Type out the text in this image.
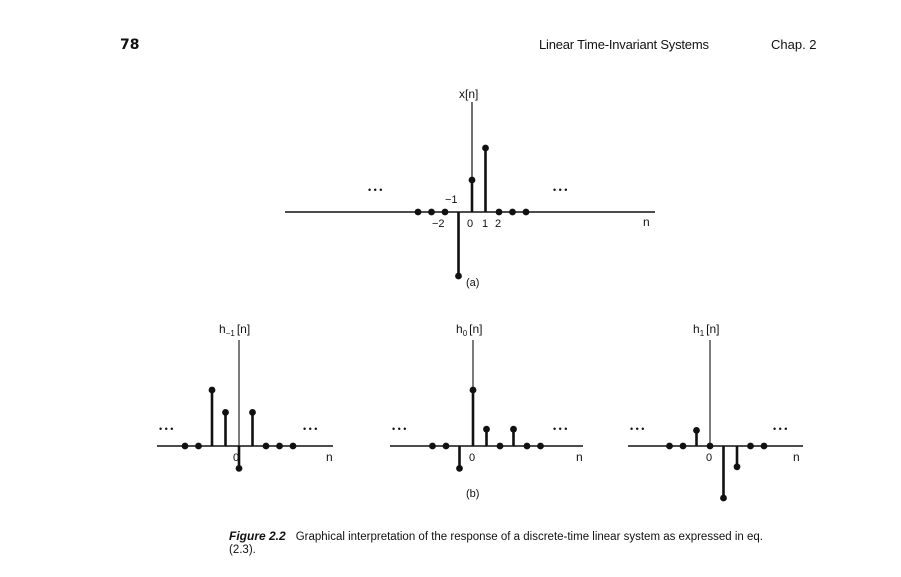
78	Linear Time-Invariant Systems	Chap. 2
x[n]
n
−2 0 1 2
−1
• • •	• • •
(a)
$h_{-1}$ [n]
n
0
• • •	• • •
$h_0$ [n]
n
0
• • •	• • •
$h_1$ [n]
n
0
• • •	• • •
(b)
Figure 2.2 Graphical interpretation of the response of a discrete-time linear system as expressed in eq. (2.3).
